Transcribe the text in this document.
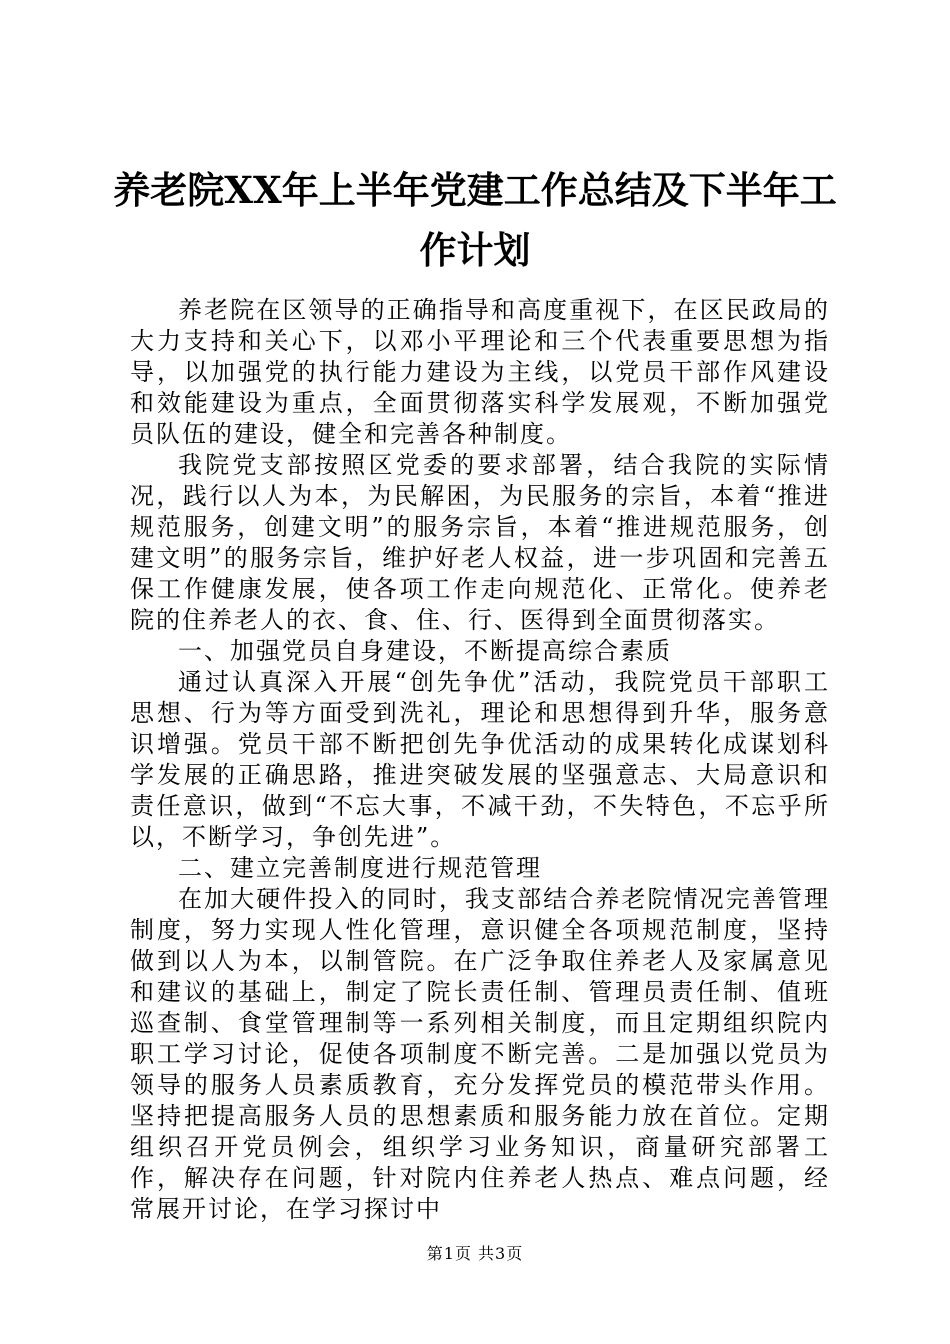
养老院XX年上半年党建工作总结及下半年工作计划

养老院在区领导的正确指导和高度重视下，在区民政局的大力支持和关心下，以邓小平理论和三个代表重要思想为指导，以加强党的执行能力建设为主线，以党员干部作风建设和效能建设为重点，全面贯彻落实科学发展观，不断加强党员队伍的建设，健全和完善各种制度。

我院党支部按照区党委的要求部署，结合我院的实际情况，践行以人为本，为民解困，为民服务的宗旨，本着“推进规范服务，创建文明”的服务宗旨，本着“推进规范服务，创建文明”的服务宗旨，维护好老人权益，进一步巩固和完善五保工作健康发展，使各项工作走向规范化、正常化。使养老院的住养老人的衣、食、住、行、医得到全面贯彻落实。

一、加强党员自身建设，不断提高综合素质

通过认真深入开展“创先争优”活动，我院党员干部职工思想、行为等方面受到洗礼，理论和思想得到升华，服务意识增强。党员干部不断把创先争优活动的成果转化成谋划科学发展的正确思路，推进突破发展的坚强意志、大局意识和责任意识，做到“不忘大事，不减干劲，不失特色，不忘乎所以，不断学习，争创先进”。

二、建立完善制度进行规范管理

在加大硬件投入的同时，我支部结合养老院情况完善管理制度，努力实现人性化管理，意识健全各项规范制度，坚持做到以人为本，以制管院。在广泛争取住养老人及家属意见和建议的基础上，制定了院长责任制、管理员责任制、值班巡查制、食堂管理制等一系列相关制度，而且定期组织院内职工学习讨论，促使各项制度不断完善。二是加强以党员为领导的服务人员素质教育，充分发挥党员的模范带头作用。坚持把提高服务人员的思想素质和服务能力放在首位。定期组织召开党员例会，组织学习业务知识，商量研究部署工作，解决存在问题，针对院内住养老人热点、难点问题，经常展开讨论，在学习探讨中

第1页 共3页
